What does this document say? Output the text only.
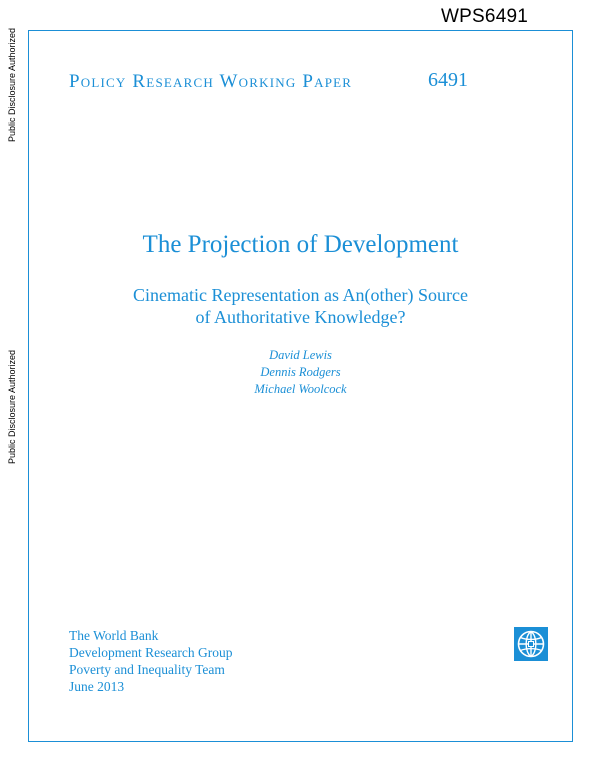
WPS6491
Public Disclosure Authorized
Public Disclosure Authorized
Policy Research Working Paper	6491
The Projection of Development
Cinematic Representation as An(other) Source
of Authoritative Knowledge?
David Lewis
Dennis Rodgers
Michael Woolcock
The World Bank
Development Research Group
Poverty and Inequality Team
June 2013
